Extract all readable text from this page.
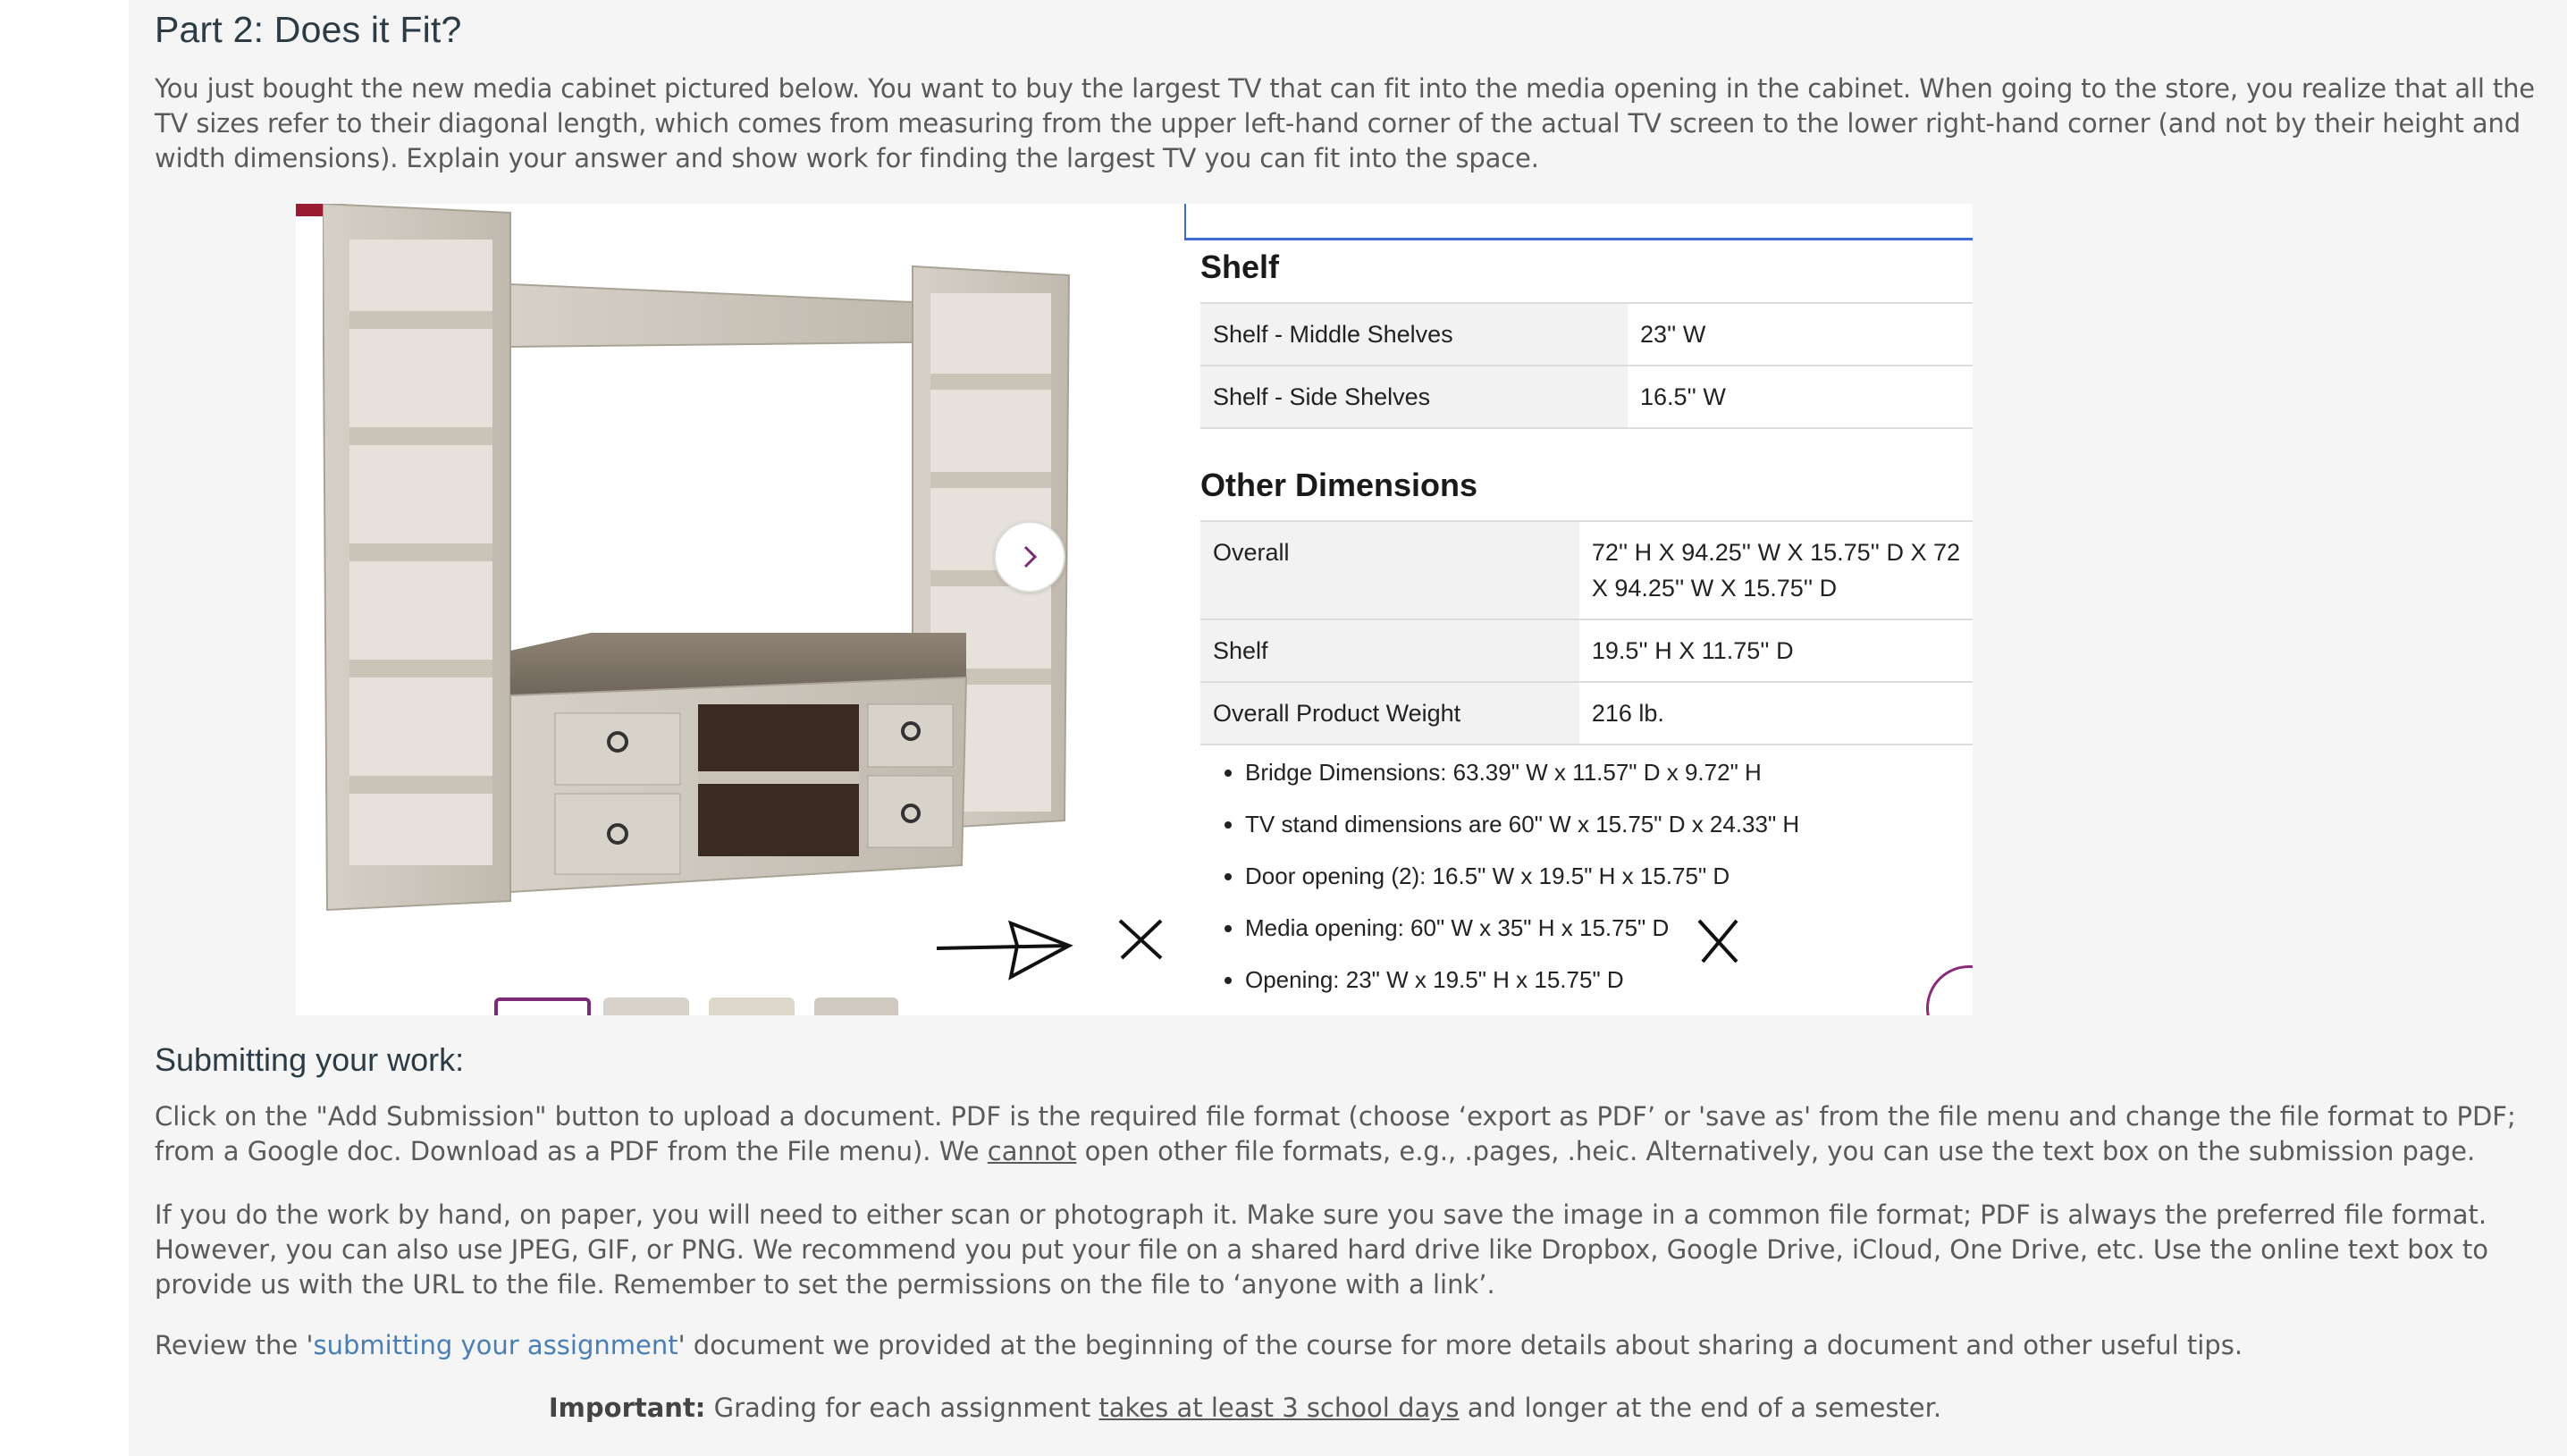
Part 2: Does it Fit?

You just bought the new media cabinet pictured below. You want to buy the largest TV that can fit into the media opening in the cabinet. When going to the store, you realize that all the TV sizes refer to their diagonal length, which comes from measuring from the upper left-hand corner of the actual TV screen to the lower right-hand corner (and not by their height and width dimensions). Explain your answer and show work for finding the largest TV you can fit into the space.

Shelf
Shelf - Middle Shelves	23'' W
Shelf - Side Shelves	16.5'' W
Other Dimensions
Overall	72'' H X 94.25'' W X 15.75'' D X 72
X 94.25'' W X 15.75'' D
Shelf	19.5'' H X 11.75'' D
Overall Product Weight	216 lb.
• Bridge Dimensions: 63.39" W x 11.57" D x 9.72" H
• TV stand dimensions are 60" W x 15.75" D x 24.33" H
• Door opening (2): 16.5" W x 19.5" H x 15.75" D
• Media opening: 60" W x 35" H x 15.75" D
• Opening: 23" W x 19.5" H x 15.75" D
Submitting your work:

Click on the "Add Submission" button to upload a document. PDF is the required file format (choose ‘export as PDF’ or 'save as' from the file menu and change the file format to PDF; from a Google doc. Download as a PDF from the File menu). We cannot open other file formats, e.g., .pages, .heic. Alternatively, you can use the text box on the submission page.

If you do the work by hand, on paper, you will need to either scan or photograph it. Make sure you save the image in a common file format; PDF is always the preferred file format. However, you can also use JPEG, GIF, or PNG. We recommend you put your file on a shared hard drive like Dropbox, Google Drive, iCloud, One Drive, etc. Use the online text box to provide us with the URL to the file. Remember to set the permissions on the file to ‘anyone with a link’.

Review the 'submitting your assignment' document we provided at the beginning of the course for more details about sharing a document and other useful tips.

Important: Grading for each assignment takes at least 3 school days and longer at the end of a semester.
